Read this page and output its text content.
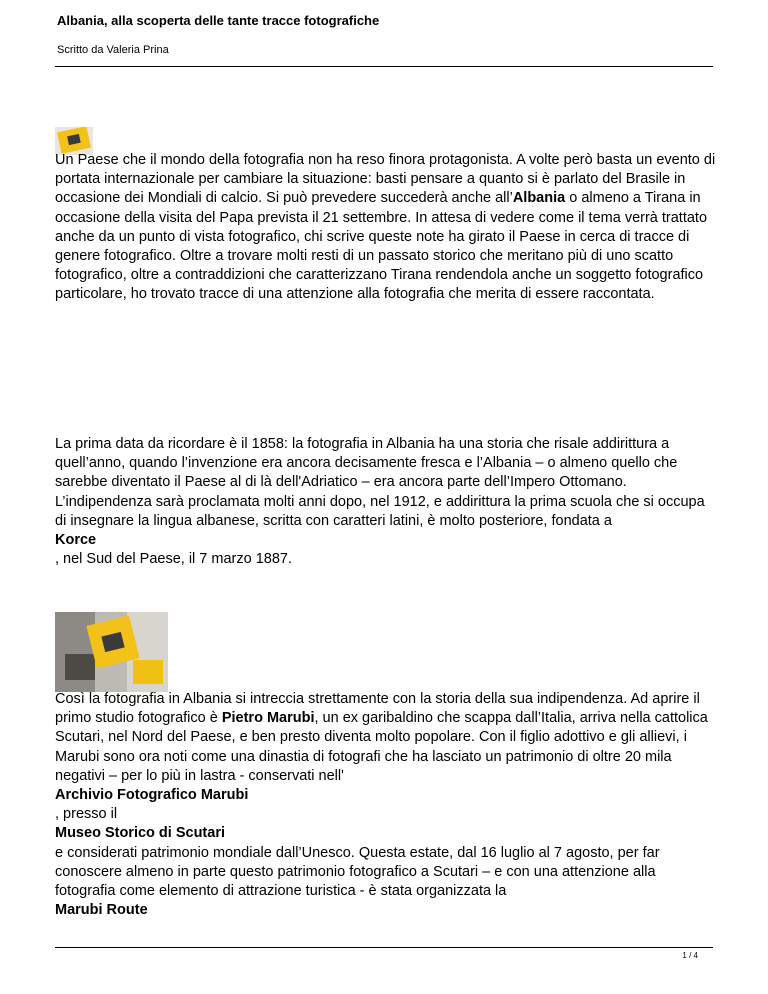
Albania, alla scoperta delle tante tracce fotografiche
Scritto da Valeria Prina
Un Paese che il mondo della fotografia non ha reso finora protagonista. A volte però basta un evento di portata internazionale per cambiare la situazione: basti pensare a quanto si è parlato del Brasile in occasione dei Mondiali di calcio. Si può prevedere succederà anche all’Albania o almeno a Tirana in occasione della visita del Papa prevista il 21 settembre. In attesa di vedere come il tema verrà trattato anche da un punto di vista fotografico, chi scrive queste note ha girato il Paese in cerca di tracce di genere fotografico. Oltre a trovare molti resti di un passato storico che meritano più di uno scatto fotografico, oltre a contraddizioni che caratterizzano Tirana rendendola anche un soggetto fotografico particolare, ho trovato tracce di una attenzione alla fotografia che merita di essere raccontata.
La prima data da ricordare è il 1858: la fotografia in Albania ha una storia che risale addirittura a quell’anno, quando l’invenzione era ancora decisamente fresca e l’Albania – o almeno quello che sarebbe diventato il Paese al di là dell'Adriatico – era ancora parte dell’Impero Ottomano. L’indipendenza sarà proclamata molti anni dopo, nel 1912, e addirittura la prima scuola che si occupa di insegnare la lingua albanese, scritta con caratteri latini, è molto posteriore, fondata a
Korce
, nel Sud del Paese, il 7 marzo 1887.
Così la fotografia in Albania si intreccia strettamente con la storia della sua indipendenza. Ad aprire il primo studio fotografico è Pietro Marubi, un ex garibaldino che scappa dall’Italia, arriva nella cattolica Scutari, nel Nord del Paese, e ben presto diventa molto popolare. Con il figlio adottivo e gli allievi, i Marubi sono ora noti come una dinastia di fotografi che ha lasciato un patrimonio di oltre 20 mila negativi – per lo più in lastra - conservati nell'
Archivio Fotografico Marubi
, presso il
Museo Storico di Scutari
e considerati patrimonio mondiale dall’Unesco. Questa estate, dal 16 luglio al 7 agosto, per far conoscere almeno in parte questo patrimonio fotografico a Scutari – e con una attenzione alla fotografia come elemento di attrazione turistica - è stata organizzata la
Marubi Route
1 / 4
